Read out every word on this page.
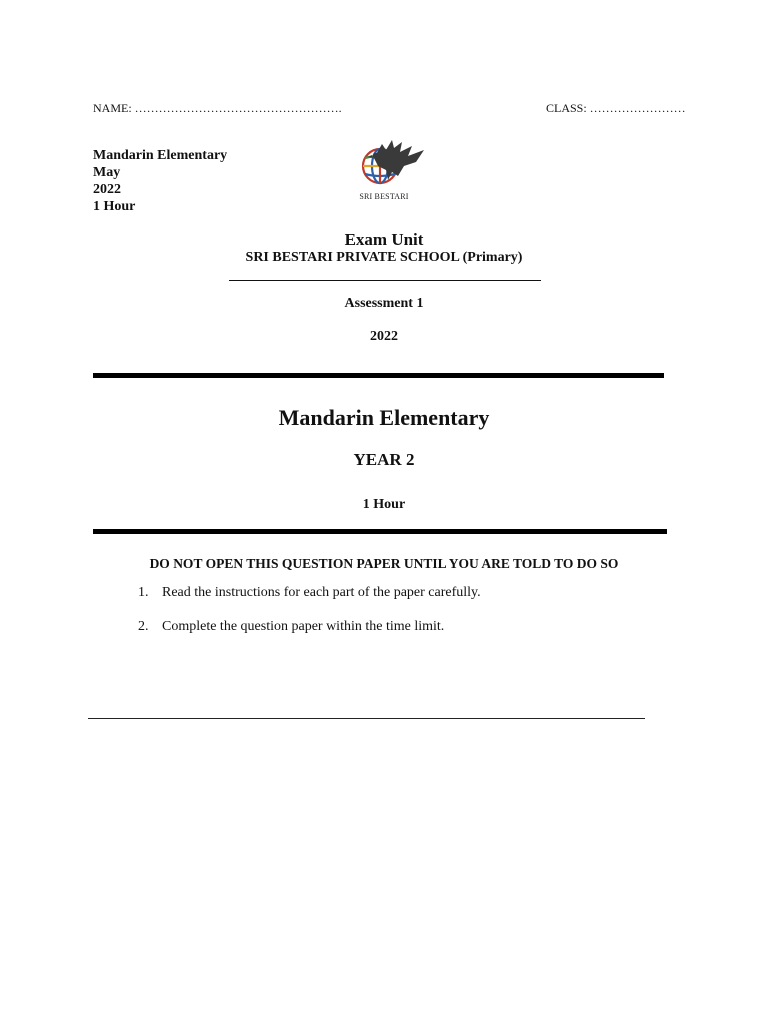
NAME: …………………………………………….	CLASS: ……………………
Mandarin Elementary
May
2022
1 Hour
SRI BESTARI
Exam Unit
SRI BESTARI PRIVATE SCHOOL (Primary)
Assessment 1
2022
Mandarin Elementary
YEAR 2
1 Hour
DO NOT OPEN THIS QUESTION PAPER UNTIL YOU ARE TOLD TO DO SO
1. Read the instructions for each part of the paper carefully.
2. Complete the question paper within the time limit.
